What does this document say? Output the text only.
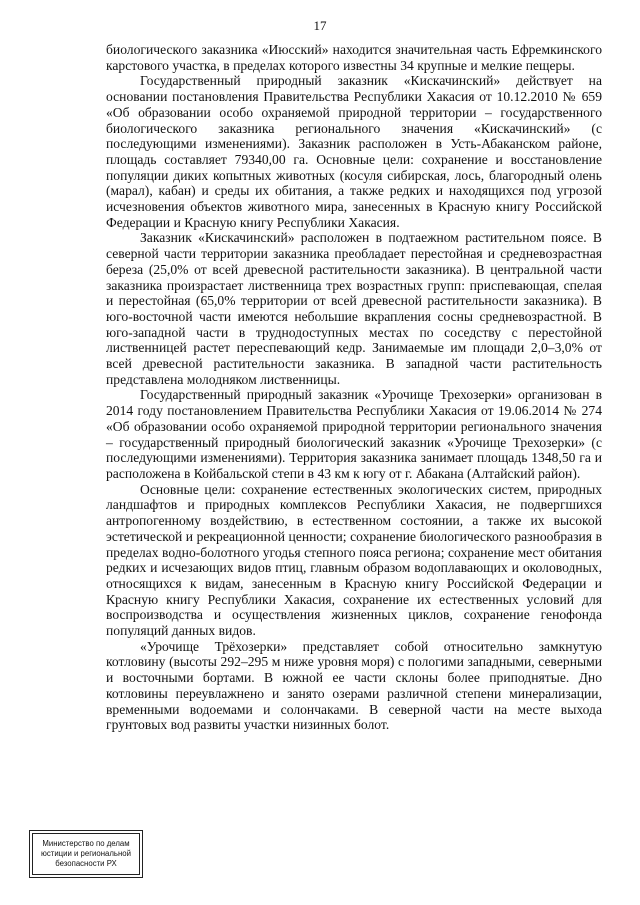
17

биологического заказника «Июсский» находится значительная часть Ефремкинского карстового участка, в пределах которого известны 34 крупные и мелкие пещеры.

Государственный природный заказник «Кискачинский» действует на основании постановления Правительства Республики Хакасия от 10.12.2010 № 659 «Об образовании особо охраняемой природной территории – государственного биологического заказника регионального значения «Кискачинский» (с последующими изменениями). Заказник расположен в Усть-Абаканском районе, площадь составляет 79340,00 га. Основные цели: сохранение и восстановление популяции диких копытных животных (косуля сибирская, лось, благородный олень (марал), кабан) и среды их обитания, а также редких и находящихся под угрозой исчезновения объектов животного мира, занесенных в Красную книгу Российской Федерации и Красную книгу Республики Хакасия.

Заказник «Кискачинский» расположен в подтаежном растительном поясе. В северной части территории заказника преобладает перестойная и средневозрастная береза (25,0% от всей древесной растительности заказника). В центральной части заказника произрастает лиственница трех возрастных групп: приспевающая, спелая и перестойная (65,0% территории от всей древесной растительности заказника). В юго-восточной части имеются небольшие вкрапления сосны средневозрастной. В юго-западной части в труднодоступных местах по соседству с перестойной лиственницей растет переспевающий кедр. Занимаемые им площади 2,0–3,0% от всей древесной растительности заказника. В западной части растительность представлена молодняком лиственницы.

Государственный природный заказник «Урочище Трехозерки» организован в 2014 году постановлением Правительства Республики Хакасия от 19.06.2014 № 274 «Об образовании особо охраняемой природной территории регионального значения – государственный природный биологический заказник «Урочище Трехозерки» (с последующими изменениями). Территория заказника занимает площадь 1348,50 га и расположена в Койбальской степи в 43 км к югу от г. Абакана (Алтайский район).

Основные цели: сохранение естественных экологических систем, природных ландшафтов и природных комплексов Республики Хакасия, не подвергшихся антропогенному воздействию, в естественном состоянии, а также их высокой эстетической и рекреационной ценности; сохранение биологического разнообразия в пределах водно-болотного угодья степного пояса региона; сохранение мест обитания редких и исчезающих видов птиц, главным образом водоплавающих и околоводных, относящихся к видам, занесенным в Красную книгу Российской Федерации и Красную книгу Республики Хакасия, сохранение их естественных условий для воспроизводства и осуществления жизненных циклов, сохранение генофонда популяций данных видов.

«Урочище Трёхозерки» представляет собой относительно замкнутую котловину (высоты 292–295 м ниже уровня моря) с пологими западными, северными и восточными бортами. В южной ее части склоны более приподнятые. Дно котловины переувлажнено и занято озерами различной степени минерализации, временными водоемами и солончаками. В северной части на месте выхода грунтовых вод развиты участки низинных болот.

Министерство по делам
юстиции и региональной
безопасности РХ
